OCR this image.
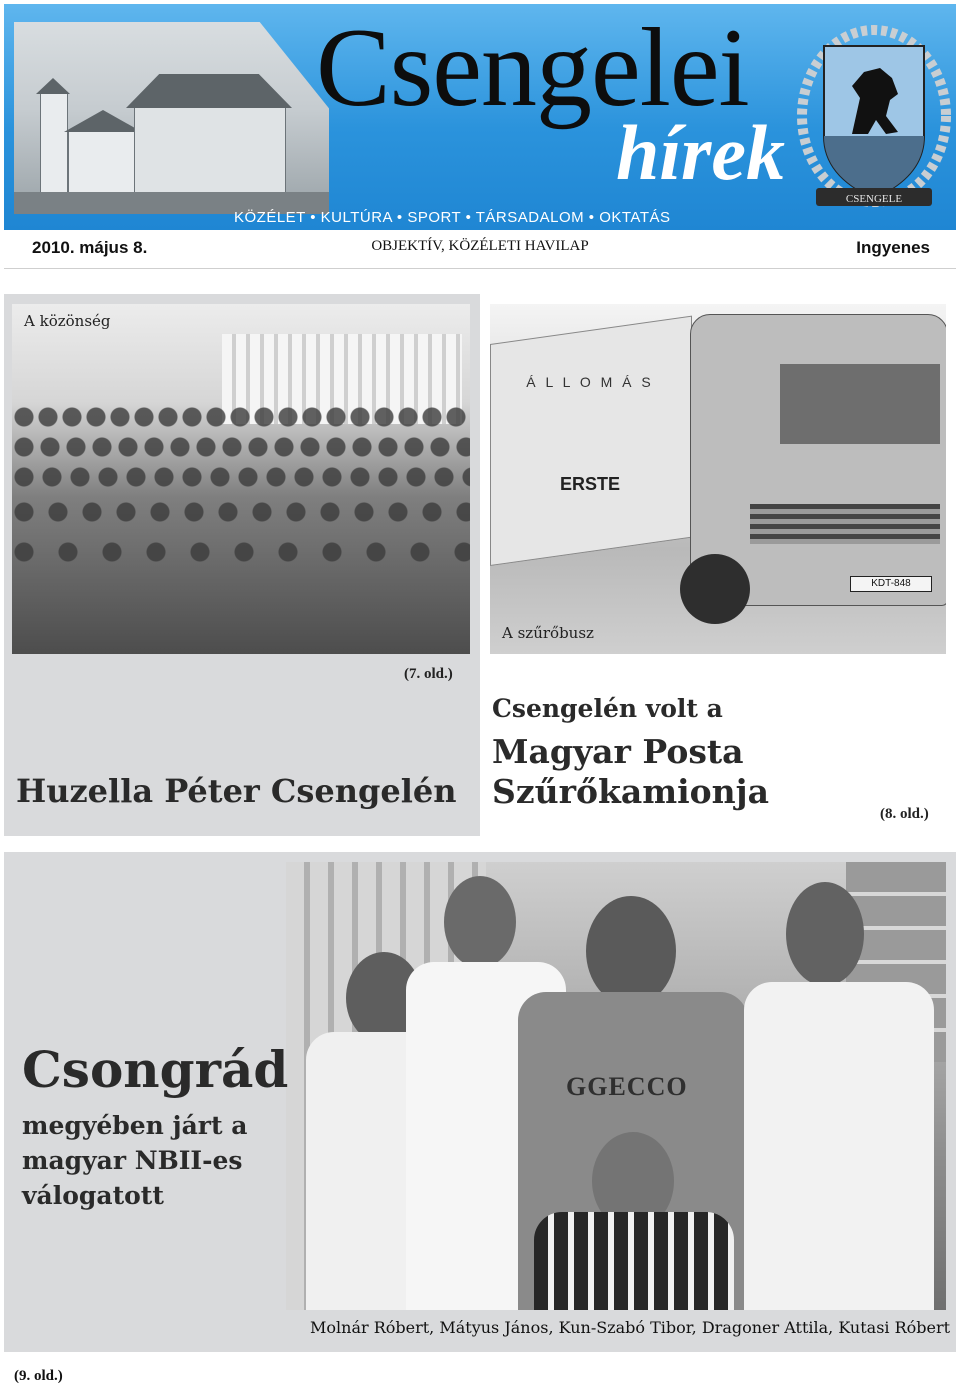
Csengelei
hírek
KÖZÉLET • KULTÚRA • SPORT • TÁRSADALOM • OKTATÁS
CSENGELE
OBJEKTÍV, KÖZÉLETI HAVILAP
2010. május 8.	Ingyenes
A közönség
Á L L O M Á S
ERSTE
KDT-848
A szűrőbusz
(7. old.)
Huzella Péter Csengelén
Csengelén volt a
Magyar Posta
Szűrőkamionja
(8. old.)
GGECCO
Csongrád
megyében járt a
magyar NBII-es
válogatott
Molnár Róbert, Mátyus János, Kun-Szabó Tibor, Dragoner Attila, Kutasi Róbert
(9. old.)
